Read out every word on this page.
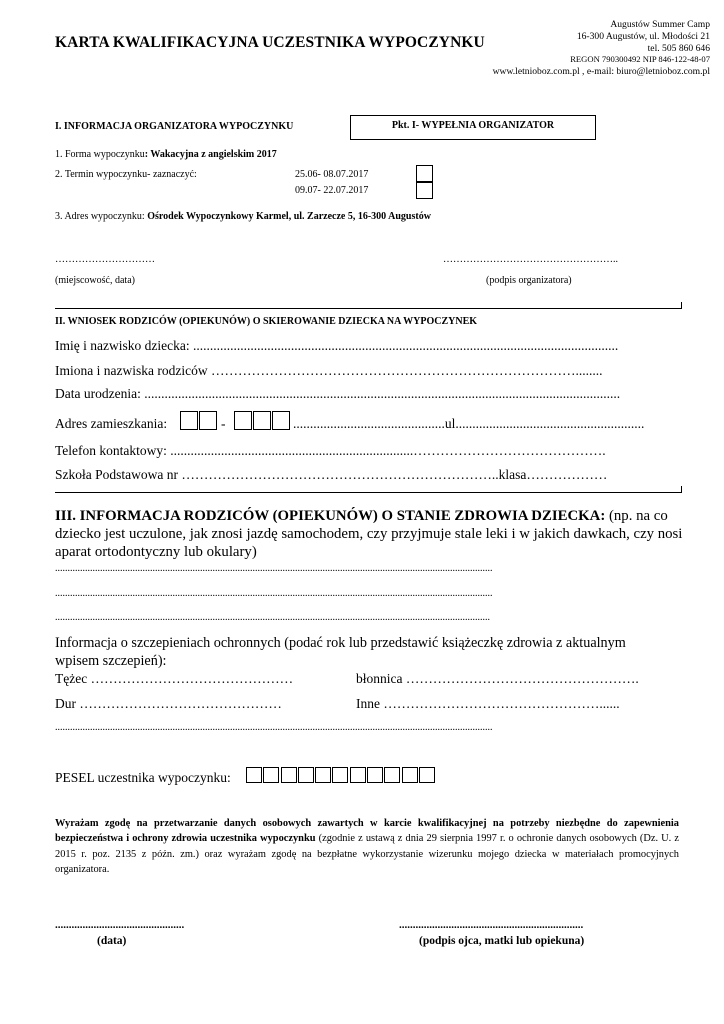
KARTA KWALIFIKACYJNA UCZESTNIKA WYPOCZYNKU
Augustów Summer Camp
16-300 Augustów, ul. Młodości 21
tel. 505 860 646
REGON 790300492 NIP 846-122-48-07
www.letnioboz.com.pl , e-mail: biuro@letnioboz.com.pl
I. INFORMACJA ORGANIZATORA WYPOCZYNKU	Pkt. I- WYPEŁNIA ORGANIZATOR
1. Forma wypoczynku: Wakacyjna z angielskim 2017
2. Termin wypoczynku- zaznaczyć:	25.06- 08.07.2017
09.07- 22.07.2017
3. Adres wypoczynku: Ośrodek Wypoczynkowy Karmel, ul. Zarzecze 5, 16-300 Augustów
…………………………	……………………………………………..
(miejscowość, data)	(podpis organizatora)
II. WNIOSEK RODZICÓW (OPIEKUNÓW) O SKIEROWANIE DZIECKA NA WYPOCZYNEK
Imię i nazwisko dziecka: ..............................................................................................................................
Imiona i nazwiska rodziców ………………………………………………………………………........
Data urodzenia: .............................................................................................................................................
Adres zamieszkania:	-	.............................................ul........................................................
Telefon kontaktowy: ........................................................................…………………………………….
Szkoła Podstawowa nr ……………………………………………………………..klasa………………
III. INFORMACJA RODZICÓW (OPIEKUNÓW) O STANIE ZDROWIA DZIECKA: (np. na co
dziecko jest uczulone, jak znosi jazdę samochodem, czy przyjmuje stale leki i w jakich dawkach, czy nosi
aparat ortodontyczny lub okulary)
...............................................................................................................................................................................
...............................................................................................................................................................................
..............................................................................................................................................................................
Informacja o szczepieniach ochronnych (podać rok lub przedstawić książeczkę zdrowia z aktualnym
wpisem szczepień):
Tężec ………………………………………	błonnica …………………………………………….
Dur ………………………………………	Inne …………………………………………......
...............................................................................................................................................................................
PESEL uczestnika wypoczynku:
Wyrażam zgodę na przetwarzanie danych osobowych zawartych w karcie kwalifikacyjnej na potrzeby niezbędne do zapewnienia bezpieczeństwa i ochrony zdrowia uczestnika wypoczynku (zgodnie z ustawą z dnia 29 sierpnia 1997 r. o ochronie danych osobowych (Dz. U. z 2015 r. poz. 2135 z późn. zm.) oraz wyrażam zgodę na bezpłatne wykorzystanie wizerunku mojego dziecka w materiałach promocyjnych organizatora.
...............................................	...................................................................
(data)	(podpis ojca, matki lub opiekuna)
